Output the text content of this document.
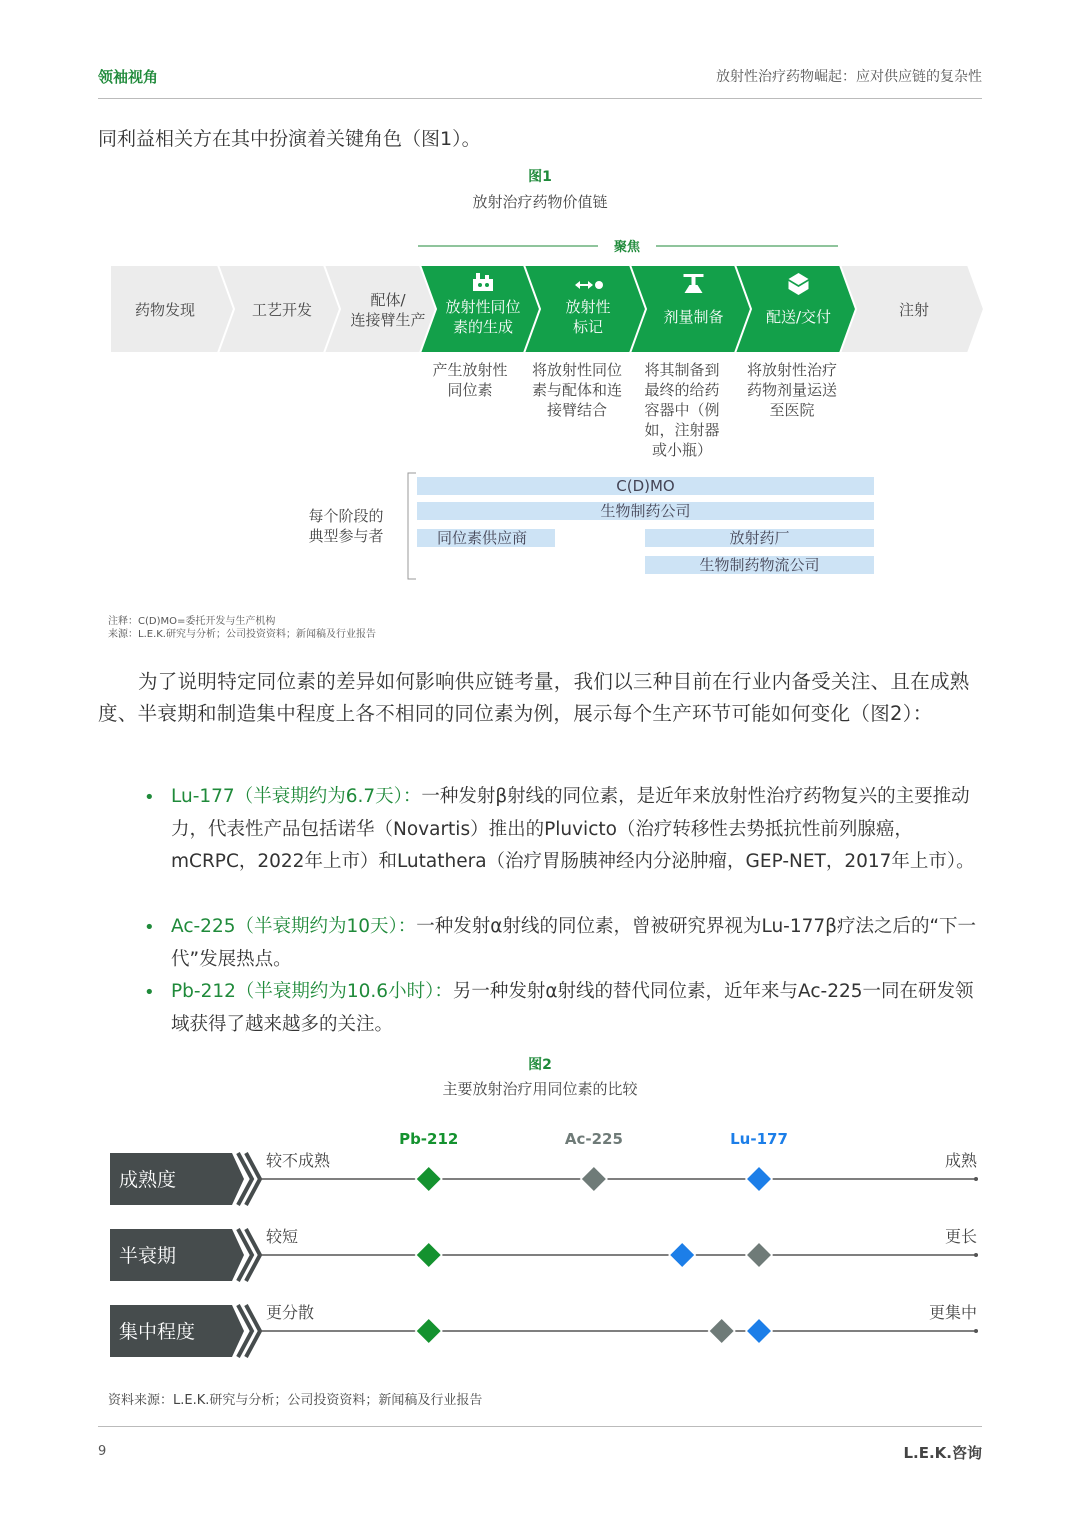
领袖视角	放射性治疗药物崛起：应对供应链的复杂性
同利益相关方在其中扮演着关键角色（图1）。
图1
放射治疗药物价值链
聚焦
药物发现	工艺开发
配体/
连接臂生产
放射性同位
素的生成
放射性
标记
剂量制备	配送/交付	注射
产生放射性
同位素
将放射性同位
素与配体和连
接臂结合
将其制备到
最终的给药
容器中（例
如，注射器
或小瓶）
将放射性治疗
药物剂量运送
至医院
每个阶段的
典型参与者
C(D)MO
生物制药公司
同位素供应商	放射药厂
生物制药物流公司
注释：C(D)MO=委托开发与生产机构
来源：L.E.K.研究与分析；公司投资资料；新闻稿及行业报告
为了说明特定同位素的差异如何影响供应链考量，我们以三种目前在行业内备受关注、且在成熟度、半衰期和制造集中程度上各不相同的同位素为例，展示每个生产环节可能如何变化（图2）：
• Lu-177（半衰期约为6.7天）：一种发射β射线的同位素，是近年来放射性治疗药物复兴的主要推动力，代表性产品包括诺华（Novartis）推出的Pluvicto（治疗转移性去势抵抗性前列腺癌，mCRPC，2022年上市）和Lutathera（治疗胃肠胰神经内分泌肿瘤，GEP-NET，2017年上市）。
• Ac-225（半衰期约为10天）：一种发射α射线的同位素，曾被研究界视为Lu-177β疗法之后的“下一代”发展热点。
• Pb-212（半衰期约为10.6小时）：另一种发射α射线的替代同位素，近年来与Ac-225一同在研发领域获得了越来越多的关注。
图2
主要放射治疗用同位素的比较
Pb-212	Ac-225	Lu-177
成熟度
较不成熟	成熟
半衰期
较短	更长
集中程度
更分散	更集中
资料来源：L.E.K.研究与分析；公司投资资料；新闻稿及行业报告
9	L.E.K.咨询
